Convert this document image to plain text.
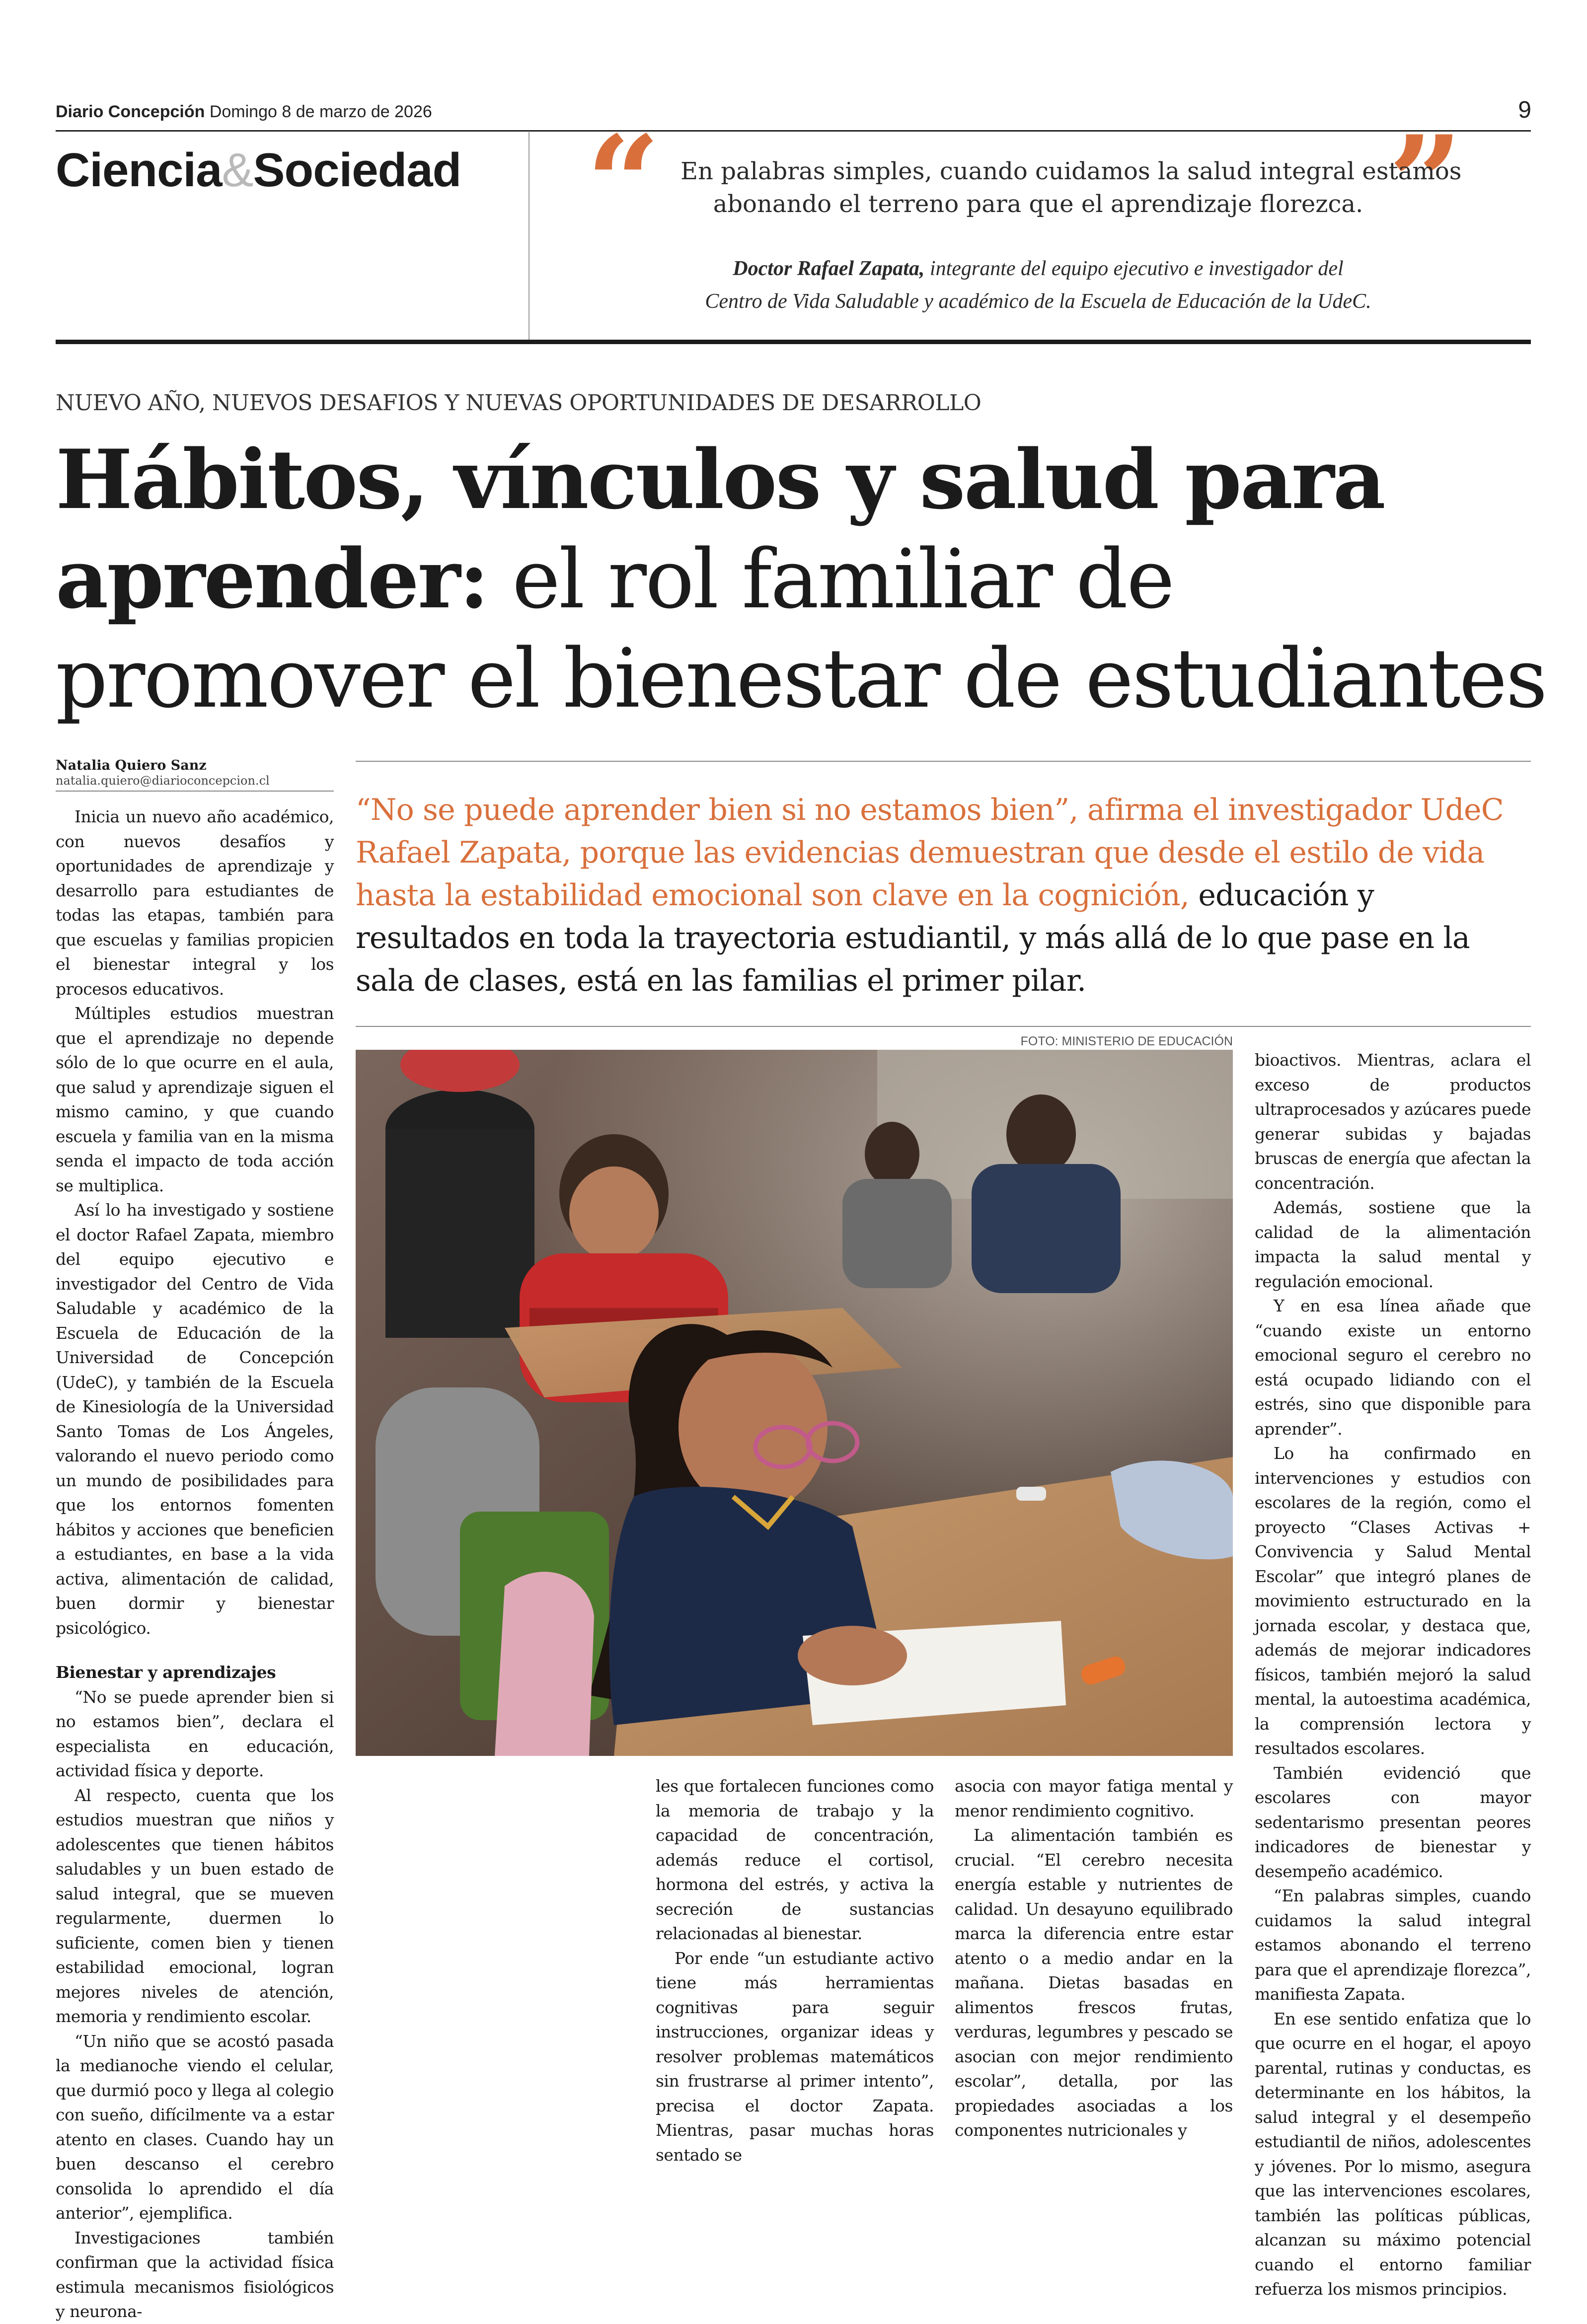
Diario Concepción Domingo 8 de marzo de 2026	9
Ciencia&Sociedad “	”
En palabras simples, cuando cuidamos la salud integral estamos
abonando el terreno para que el aprendizaje florezca.
Doctor Rafael Zapata, integrante del equipo ejecutivo e investigador del
Centro de Vida Saludable y académico de la Escuela de Educación de la UdeC.
NUEVO AÑO, NUEVOS DESAFIOS Y NUEVAS OPORTUNIDADES DE DESARROLLO
Hábitos, vínculos y salud para
aprender: el rol familiar de
promover el bienestar de estudiantes
Natalia Quiero Sanz
natalia.quiero@diarioconcepcion.cl
“No se puede aprender bien si no estamos bien”, afirma el investigador UdeC Rafael Zapata, porque las evidencias demuestran que desde el estilo de vida hasta la estabilidad emocional son clave en la cognición, educación y resultados en toda la trayectoria estudiantil, y más allá de lo que pase en la sala de clases, está en las familias el primer pilar.
FOTO: MINISTERIO DE EDUCACIÓN

Inicia un nuevo año académico, con nuevos desafíos y oportunidades de aprendizaje y desarrollo para estudiantes de todas las etapas, también para que escuelas y familias propicien el bienestar integral y los procesos educativos.

Múltiples estudios muestran que el aprendizaje no depende sólo de lo que ocurre en el aula, que salud y aprendizaje siguen el mismo camino, y que cuando escuela y familia van en la misma senda el impacto de toda acción se multiplica.

Así lo ha investigado y sostiene el doctor Rafael Zapata, miembro del equipo ejecutivo e investigador del Centro de Vida Saludable y académico de la Escuela de Educación de la Universidad de Concepción (UdeC), y también de la Escuela de Kinesiología de la Universidad Santo Tomas de Los Ángeles, valorando el nuevo periodo como un mundo de posibilidades para que los entornos fomenten hábitos y acciones que beneficien a estudiantes, en base a la vida activa, alimentación de calidad, buen dormir y bienestar psicológico.

Bienestar y aprendizajes

“No se puede aprender bien si no estamos bien”, declara el especialista en educación, actividad física y deporte.

Al respecto, cuenta que los estudios muestran que niños y adolescentes que tienen hábitos saludables y un buen estado de salud integral, que se mueven regularmente, duermen lo suficiente, comen bien y tienen estabilidad emocional, logran mejores niveles de atención, memoria y rendimiento escolar.

“Un niño que se acostó pasada la medianoche viendo el celular, que durmió poco y llega al colegio con sueño, difícilmente va a estar atento en clases. Cuando hay un buen descanso el cerebro consolida lo aprendido el día anterior”, ejemplifica.

Investigaciones también confirman que la actividad física estimula mecanismos fisiológicos y neurona-

les que fortalecen funciones como la memoria de trabajo y la capacidad de concentración, además reduce el cortisol, hormona del estrés, y activa la secreción de sustancias relacionadas al bienestar.

Por ende “un estudiante activo tiene más herramientas cognitivas para seguir instrucciones, organizar ideas y resolver problemas matemáticos sin frustrarse al primer intento”, precisa el doctor Zapata. Mientras, pasar muchas horas sentado se

asocia con mayor fatiga mental y menor rendimiento cognitivo.

La alimentación también es crucial. “El cerebro necesita energía estable y nutrientes de calidad. Un desayuno equilibrado marca la diferencia entre estar atento o a medio andar en la mañana. Dietas basadas en alimentos frescos frutas, verduras, legumbres y pescado se asocian con mejor rendimiento escolar”, detalla, por las propiedades asociadas a los componentes nutricionales y

bioactivos. Mientras, aclara el exceso de productos ultraprocesados y azúcares puede generar subidas y bajadas bruscas de energía que afectan la concentración.

Además, sostiene que la calidad de la alimentación impacta la salud mental y regulación emocional.

Y en esa línea añade que “cuando existe un entorno emocional seguro el cerebro no está ocupado lidiando con el estrés, sino que disponible para aprender”.

Lo ha confirmado en intervenciones y estudios con escolares de la región, como el proyecto “Clases Activas + Convivencia y Salud Mental Escolar” que integró planes de movimiento estructurado en la jornada escolar, y destaca que, además de mejorar indicadores físicos, también mejoró la salud mental, la autoestima académica, la comprensión lectora y resultados escolares.

También evidenció que escolares con mayor sedentarismo presentan peores indicadores de bienestar y desempeño académico.

“En palabras simples, cuando cuidamos la salud integral estamos abonando el terreno para que el aprendizaje florezca”, manifiesta Zapata.

En ese sentido enfatiza que lo que ocurre en el hogar, el apoyo parental, rutinas y conductas, es determinante en los hábitos, la salud integral y el desempeño estudiantil de niños, adolescentes y jóvenes. Por lo mismo, asegura que las intervenciones escolares, también las políticas públicas, alcanzan su máximo potencial cuando el entorno familiar refuerza los mismos principios.
